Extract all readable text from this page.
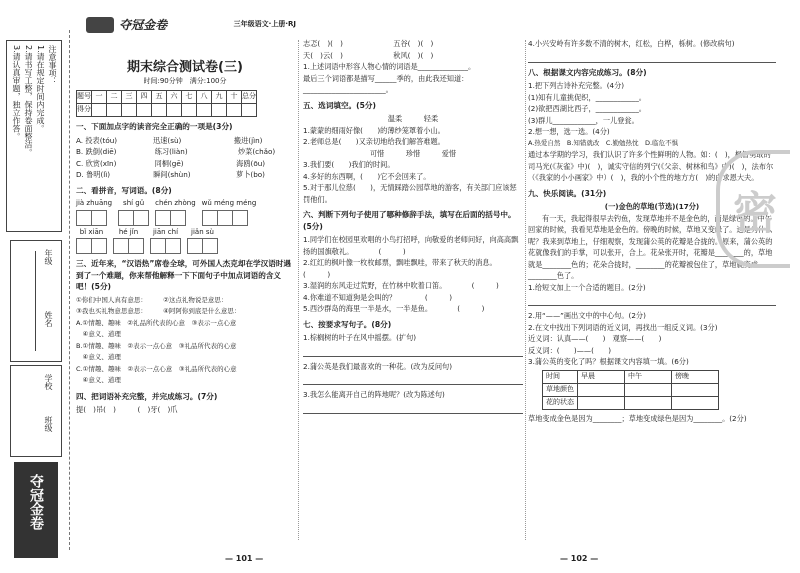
注意事项：
1.请在规定时间内完成。
2.请书写工整，保持卷面整洁。
3.请认真审题，独立作答。
年级
姓名
学校
班级
夺冠金卷
夺冠金卷	三年级语文·上册·RJ
期末综合测试卷(三)
时间:90分钟　满分:100分
题号	一	二	三	四	五	六	七	八	九	十	总分
得分											
一、下面加点字的读音完全正确的一项是(3分)
A. 投表(tóu)　　　　　迅速(sù)　　　　　　　 搬进(jìn)
B. 跌倒(diē)　　　　　 练习(liàn)　　　　　　　炒菜(chǎo)
C. 欣赏(xīn)　　　　　 同桐(gē)　　　　　　　 海鸥(ōu)
D. 鲁明(lì)　　　　　　瞬间(shùn)　　　　　　 萝卜(bo)
二、看拼音，写词语。(8分)
jià zhuāng	shí gǔ	chén zhòng wǔ méng méng
bǐ xiān	hé jǐn	jiān chí	jiǎn sù
三、近年来，“汉语热”席卷全球，可外国人杰克却在学汉语时遇到了一个难题，你来帮他解释一下下面句子中加点词语的含义吧！(5分)
①你们中国人真有意思：　　　②这点礼物说是意思：
③我也买礼物意思意思：　　　④阿阿你到底是什么意思：
A.①情趣、趣味　②礼品所代表的心意　③表示一点心意
　④意义、道理
B.①情趣、趣味　②表示一点心意　③礼品所代表的心意
　④意义、道理
C.①情趣、趣味　②表示一点心意　③礼品所代表的心意
　④意义、道理
四、把词语补充完整，并完成练习。(7分)
提(　)吊(　)　　　(　)牙(　)爪
— 101 —
志忑(　)(　)　　　　　　　五谷(　)(　)
天(　)云(　)　　　　　　　秋风(　)(　)
1.上述词语中形容人物心情的词语是______________。
最后三个词语都是描写______季的，由此我还知道：_______________________。
五、选词填空。(5分)
温柔　　　轻柔
1.蒙蒙的细雨好像(　　)的薄纱笼罩着小山。
2.老师总是(　　)又亲切地给我们解答难题。
可惜　　　珍惜　　　爱惜
3.我们要(　　)我们的时间。
4.多好的东西啊，(　　)它不会回来了。
5.对于那儿位慈(　　)，无情踩踏公园草地的游客，有关部门应该惩罚他们。
六、判断下列句子使用了哪种修辞手法，填写在后面的括号中。(5分)
1.同学们在校园里欢唱的小鸟打招呼，向敬爱的老师问好，向高高飘扬的国旗敬礼。　　　　(　　　)
2.红红的枫叶像一枚枚邮票，飘哇飘哇，带来了秋天的消息。　　(　　　)
3.湿润的东风走过荒野，在竹林中吹着口笛。　　　　(　　　)
4.你难道不知道狗是会叫的？　　　　(　　　)
5.西沙群岛的海里一半是水，一半是鱼。　　　　(　　　)
七、按要求写句子。(8分)
1.棕榈树的叶子在风中摇摆。(扩句)
2.蒲公英是我们最喜欢的一种花。(改为反问句)
3.我怎么能离开自己的阵地呢？(改为陈述句)
4.小兴安岭有许多数不清的树木，红松，白桦，栎树。(修改病句)
八、根据课文内容完成练习。(8分)
1.把下列古诗补充完整。(4分)
(1)知有儿童挑促织，____________。
(2)欲把西湖比西子，____________。
(3)群儿____________，一儿登瓮。
2.想一想，选一选。(4分)
A.热爱自然　B.知错就改　C.勤勉热忱　D.临危不惧
通过本学期的学习，我们认识了许多个性鲜明的人物。如：(　)，枫智勇敢的司马光(《灰雀》中)(　)，诚实守信的列宁(《父亲、树林和鸟》中)(　)，法布尔（《我家的小小画家》中）(　)，我的小个性的地方方(　)的白求恩大夫。
九、快乐阅读。(31分)
(一)金色的草地(节选)(17分)
有一天，我起得很早去钓鱼，发现草地并不是金色的，而是绿色的。中午回家的时候，我看见草地是金色的。傍晚的时候，草地又变绿了。这是为什么呢？我来到草地上，仔细观察，发现蒲公英的花瓣是合拢的。原来，蒲公英的花就像我们的手掌，可以张开，合上。花朵张开时，花瓣是________的，草地就是________色的；花朵合拢时，________的花瓣被包住了，草地就变成________色了。
1.给短文加上一个合适的题目。(2分)
2.用“——”画出文中的中心句。(2分)
2.在文中找出下列词语的近义词，再找出一组反义词。(3分)
近义词：认真——(　　)　观察——(　　)
反义词：(　　)——(　　)
3.蒲公英的变化了吗？根据课文内容填一填。(6分)
时间	早晨	中午	傍晚
草地颜色			
花的状态			
草地变成金色是因为________；草地变成绿色是因为________。(2分)
— 102 —
密
